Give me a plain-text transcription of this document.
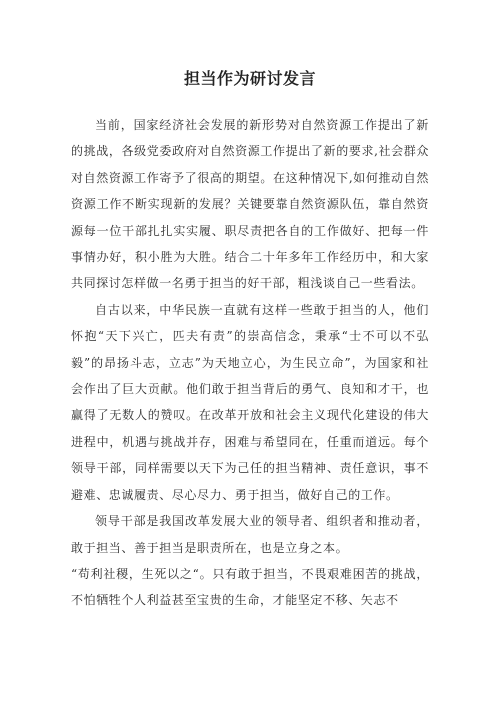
担当作为研讨发言

当前，国家经济社会发展的新形势对自然资源工作提出了新的挑战，各级党委政府对自然资源工作提出了新的要求,社会群众对自然资源工作寄予了很高的期望。在这种情况下,如何推动自然资源工作不断实现新的发展？关键要靠自然资源队伍，靠自然资源每一位干部扎扎实实履、职尽责把各自的工作做好、把每一件事情办好，积小胜为大胜。结合二十年多年工作经历中，和大家共同探讨怎样做一名勇于担当的好干部，粗浅谈自己一些看法。

自古以来，中华民族一直就有这样一些敢于担当的人，他们怀抱“天下兴亡，匹夫有责”的崇高信念，秉承“士不可以不弘毅”的昂扬斗志，立志”为天地立心，为生民立命”，为国家和社会作出了巨大贡献。他们敢于担当背后的勇气、良知和才干，也赢得了无数人的赞叹。在改革开放和社会主义现代化建设的伟大进程中，机遇与挑战并存，困难与希望同在，任重而道远。每个领导干部，同样需要以天下为己任的担当精神、责任意识，事不避难、忠诚履责、尽心尽力、勇于担当，做好自己的工作。

领导干部是我国改革发展大业的领导者、组织者和推动者，敢于担当、善于担当是职责所在，也是立身之本。

“苟利社稷，生死以之“。只有敢于担当，不畏艰难困苦的挑战，不怕牺牲个人利益甚至宝贵的生命，才能坚定不移、矢志不
